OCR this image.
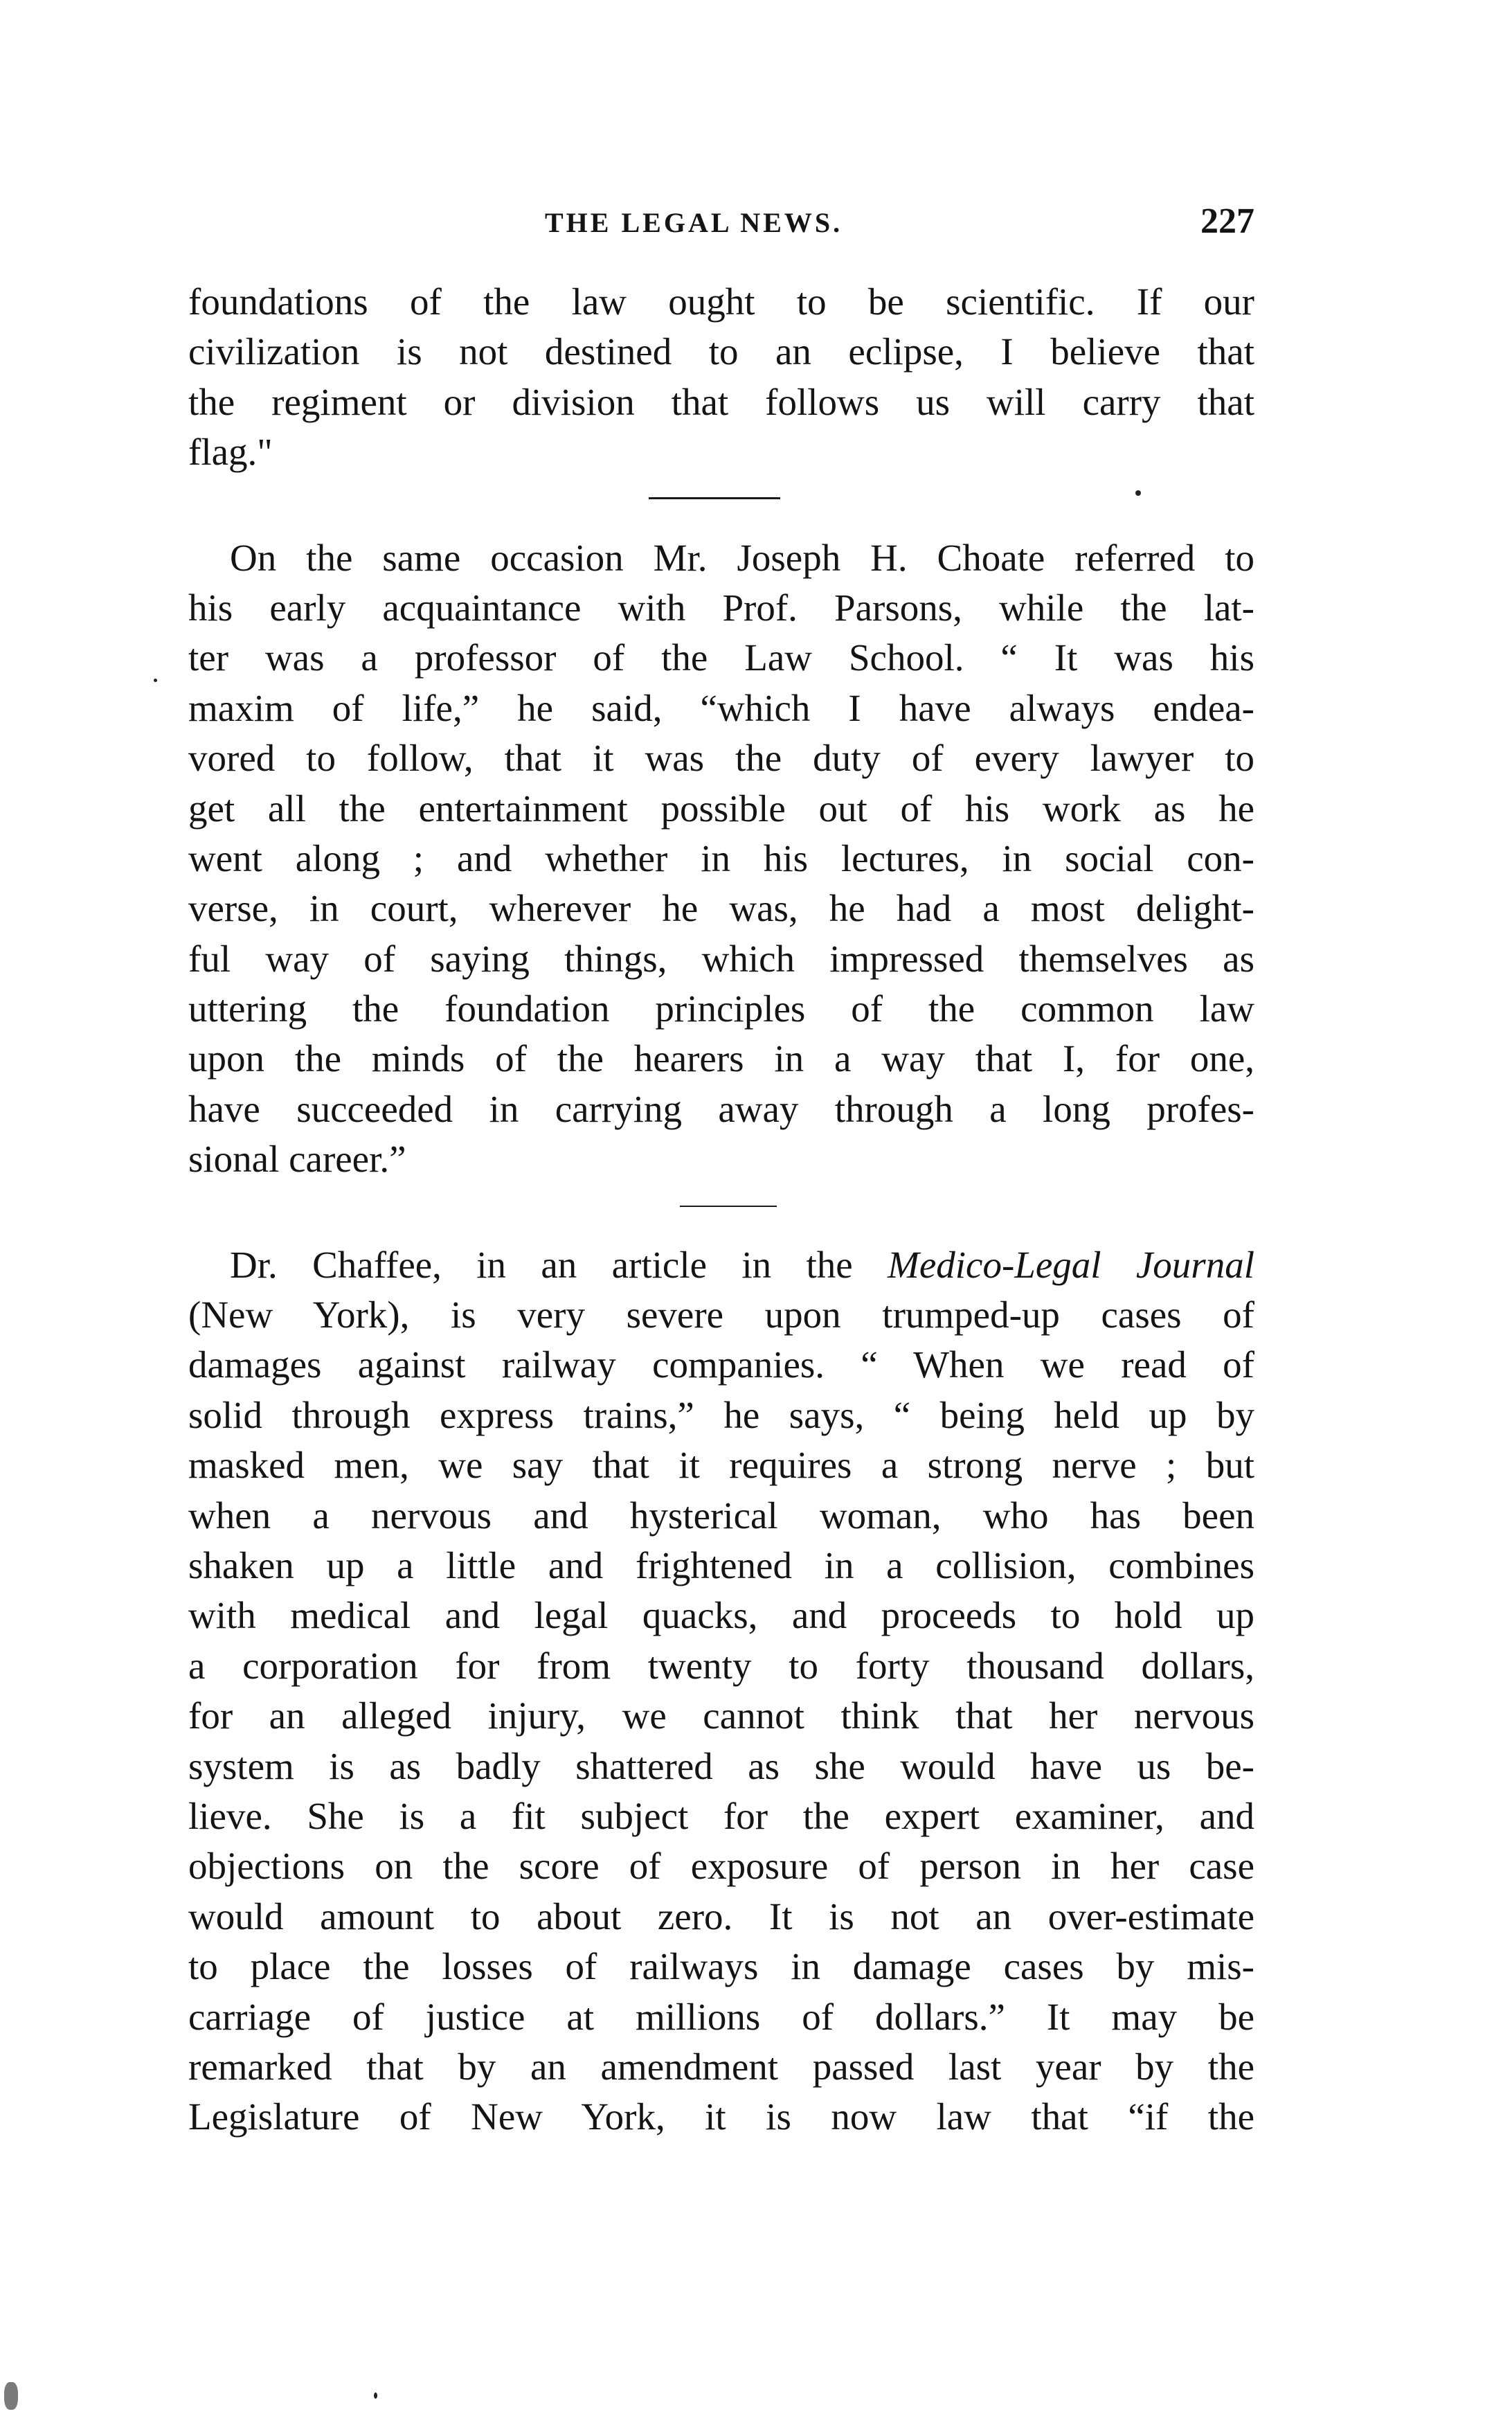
THE LEGAL NEWS.	227
foundations of the law ought to be scientific. If our
civilization is not destined to an eclipse, I believe that
the regiment or division that follows us will carry that
flag."
On the same occasion Mr. Joseph H. Choate referred to
his early acquaintance with Prof. Parsons, while the lat-
ter was a professor of the Law School. “ It was his
maxim of life,” he said, “which I have always endea-
vored to follow, that it was the duty of every lawyer to
get all the entertainment possible out of his work as he
went along ; and whether in his lectures, in social con-
verse, in court, wherever he was, he had a most delight-
ful way of saying things, which impressed themselves as
uttering the foundation principles of the common law
upon the minds of the hearers in a way that I, for one,
have succeeded in carrying away through a long profes-
sional career.”
Dr. Chaffee, in an article in the Medico-Legal Journal
(New York), is very severe upon trumped-up cases of
damages against railway companies. “ When we read of
solid through express trains,” he says, “ being held up by
masked men, we say that it requires a strong nerve ; but
when a nervous and hysterical woman, who has been
shaken up a little and frightened in a collision, combines
with medical and legal quacks, and proceeds to hold up
a corporation for from twenty to forty thousand dollars,
for an alleged injury, we cannot think that her nervous
system is as badly shattered as she would have us be-
lieve. She is a fit subject for the expert examiner, and
objections on the score of exposure of person in her case
would amount to about zero. It is not an over-estimate
to place the losses of railways in damage cases by mis-
carriage of justice at millions of dollars.” It may be
remarked that by an amendment passed last year by the
Legislature of New York, it is now law that “if the
